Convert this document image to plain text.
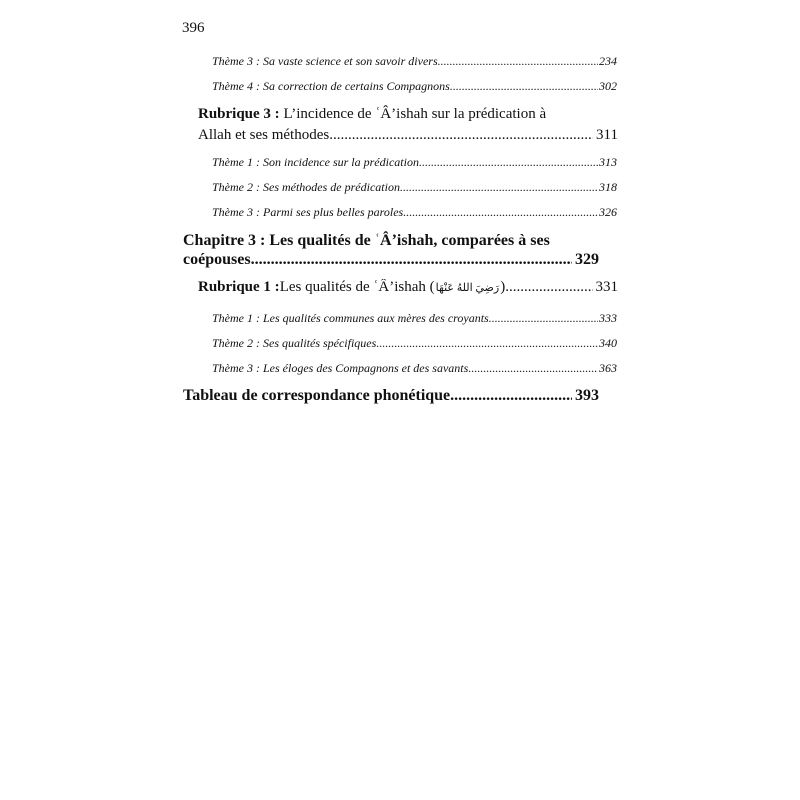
396
Thème 3 : Sa vaste science et son savoir divers .....	234
Thème 4 : Sa correction de certains Compagnons .....	302
Rubrique 3 : L’incidence de ʿÂ’ishah sur la prédication à
Allah et ses méthodes .....	311
Thème 1 : Son incidence sur la prédication .....	313
Thème 2 : Ses méthodes de prédication .....	318
Thème 3 : Parmi ses plus belles paroles .....	326
Chapitre 3 : Les qualités de ʿÂ’ishah, comparées à ses
coépouses .....	329
Rubrique 1 : Les qualités de ʿÂ’ishah ( رَضِيَ اللهُ عَنْهَا ) .....	331
Thème 1 : Les qualités communes aux mères des croyants .....	333
Thème 2 : Ses qualités spécifiques .....	340
Thème 3 : Les éloges des Compagnons et des savants .....	363
Tableau de correspondance phonétique .....	393
